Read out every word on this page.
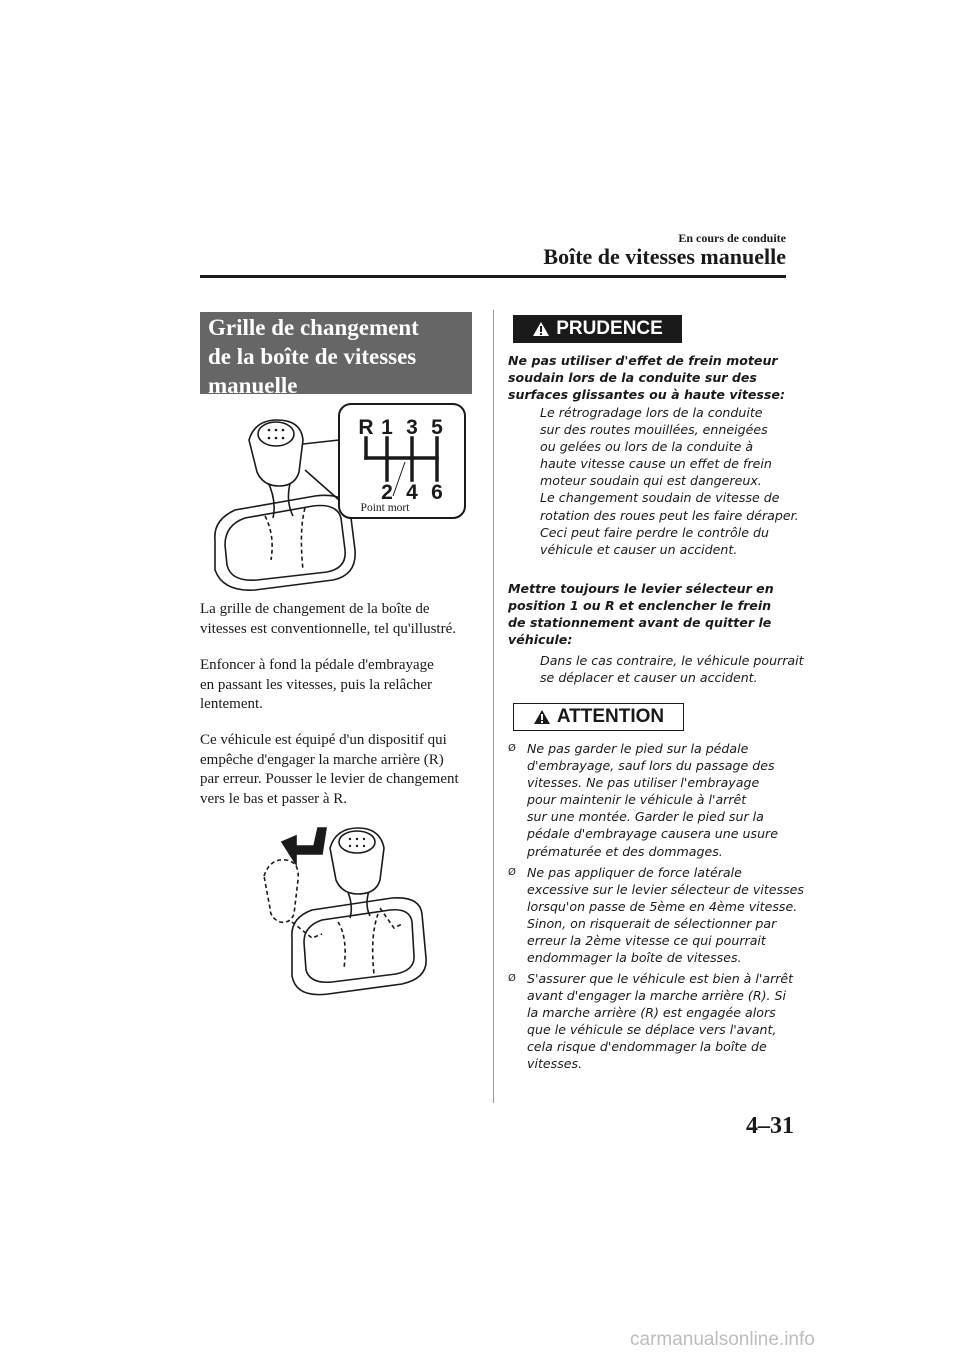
En cours de conduite
Boîte de vitesses manuelle
Grille de changement
de la boîte de vitesses
manuelle
R 1 3 5
2 4 6
Point mort
La grille de changement de la boîte de
vitesses est conventionnelle, tel qu'illustré.
Enfoncer à fond la pédale d'embrayage
en passant les vitesses, puis la relâcher
lentement.
Ce véhicule est équipé d'un dispositif qui
empêche d'engager la marche arrière (R)
par erreur. Pousser le levier de changement
vers le bas et passer à R.
PRUDENCE
Ne pas utiliser d'effet de frein moteur
soudain lors de la conduite sur des
surfaces glissantes ou à haute vitesse:
Le rétrogradage lors de la conduite
sur des routes mouillées, enneigées
ou gelées ou lors de la conduite à
haute vitesse cause un effet de frein
moteur soudain qui est dangereux.
Le changement soudain de vitesse de
rotation des roues peut les faire déraper.
Ceci peut faire perdre le contrôle du
véhicule et causer un accident.
Mettre toujours le levier sélecteur en
position 1 ou R et enclencher le frein
de stationnement avant de quitter le
véhicule:
Dans le cas contraire, le véhicule pourrait
se déplacer et causer un accident.
ATTENTION
Ø Ne pas garder le pied sur la pédale
d'embrayage, sauf lors du passage des
vitesses. Ne pas utiliser l'embrayage
pour maintenir le véhicule à l'arrêt
sur une montée. Garder le pied sur la
pédale d'embrayage causera une usure
prématurée et des dommages.
Ø Ne pas appliquer de force latérale
excessive sur le levier sélecteur de vitesses
lorsqu'on passe de 5ème en 4ème vitesse.
Sinon, on risquerait de sélectionner par
erreur la 2ème vitesse ce qui pourrait
endommager la boîte de vitesses.
Ø S'assurer que le véhicule est bien à l'arrêt
avant d'engager la marche arrière (R). Si
la marche arrière (R) est engagée alors
que le véhicule se déplace vers l'avant,
cela risque d'endommager la boîte de
vitesses.
4–31
carmanualsonline.info
